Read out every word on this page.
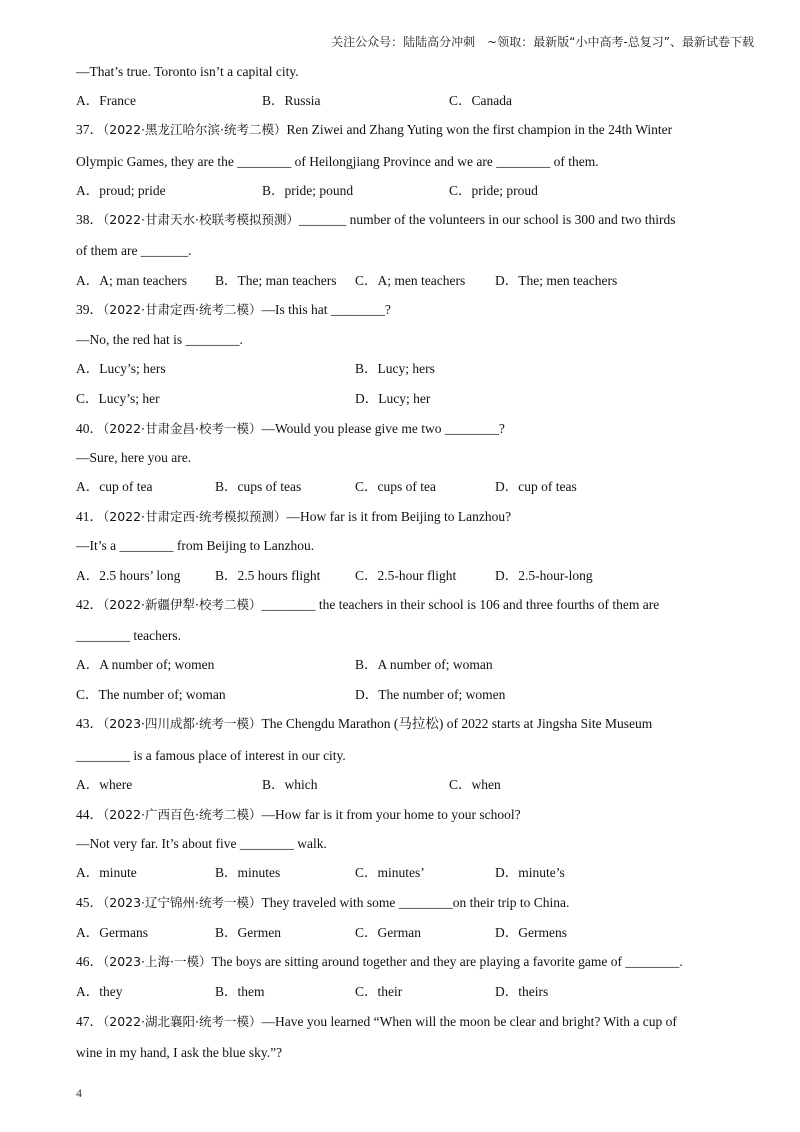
关注公众号：陆陆高分冲刺　~领取：最新版“小中高考-总复习”、最新试卷下载
—That’s true. Toronto isn’t a capital city.
A．France	B．Russia	C．Canada
37．（2022·黑龙江哈尔滨·统考二模）Ren Ziwei and Zhang Yuting won the first champion in the 24th Winter
Olympic Games, they are the ________ of Heilongjiang Province and we are ________ of them.
A．proud; pride	B．pride; pound	C．pride; proud
38．（2022·甘肃天水·校联考模拟预测）_______ number of the volunteers in our school is 300 and two thirds
of them are _______.
A．A; man teachers B．The; man teachers C．A; men teachers D．The; men teachers
39．（2022·甘肃定西·统考二模）—Is this hat ________?
—No, the red hat is ________.
A．Lucy’s; hers	B．Lucy; hers
C．Lucy’s; her	D．Lucy; her
40．（2022·甘肃金昌·校考一模）—Would you please give me two ________?
—Sure, here you are.
A．cup of tea	B．cups of teas	C．cups of tea	D．cup of teas
41．（2022·甘肃定西·统考模拟预测）—How far is it from Beijing to Lanzhou?
—It’s a ________ from Beijing to Lanzhou.
A．2.5 hours’ long	B．2.5 hours flight	C．2.5-hour flight	D．2.5-hour-long
42．（2022·新疆伊犁·校考二模）________ the teachers in their school is 106 and three fourths of them are
________ teachers.
A．A number of; women	B．A number of; woman
C．The number of; woman	D．The number of; women
43．（2023·四川成都·统考一模）The Chengdu Marathon (马拉松) of 2022 starts at Jingsha Site Museum
________ is a famous place of interest in our city.
A．where	B．which	C．when
44．（2022·广西百色·统考二模）—How far is it from your home to your school?
—Not very far. It’s about five ________ walk.
A．minute	B．minutes	C．minutes’	D．minute’s
45．（2023·辽宁锦州·统考一模）They traveled with some ________on their trip to China.
A．Germans	B．Germen	C．German	D．Germens
46．（2023·上海·一模）The boys are sitting around together and they are playing a favorite game of ________.
A．they	B．them	C．their	D．theirs
47．（2022·湖北襄阳·统考一模）—Have you learned “When will the moon be clear and bright? With a cup of
wine in my hand, I ask the blue sky.”?
4
